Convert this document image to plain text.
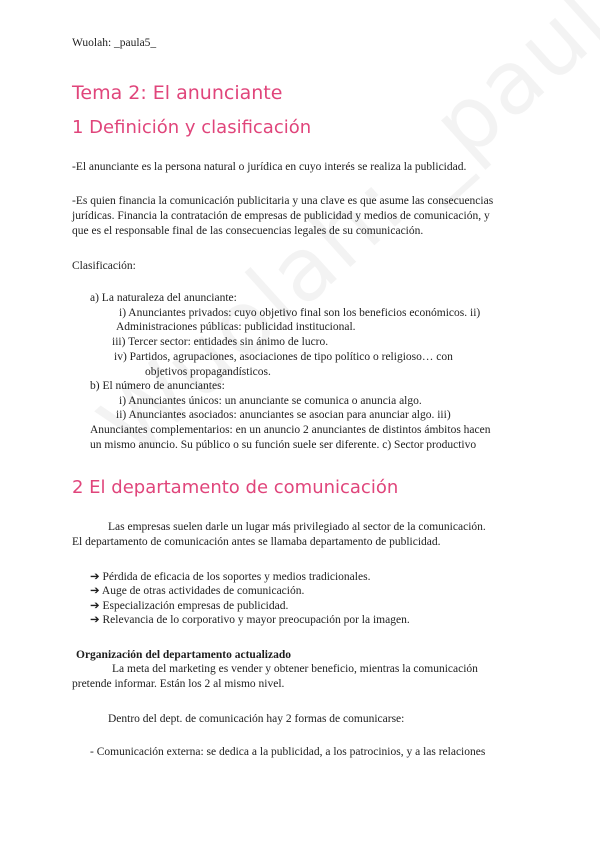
Wuolah: _paula5_
Tema 2: El anunciante
1 Definición y clasificación
-El anunciante es la persona natural o jurídica en cuyo interés se realiza la publicidad.
-Es quien financia la comunicación publicitaria y una clave es que asume las consecuencias
jurídicas. Financia la contratación de empresas de publicidad y medios de comunicación, y
que es el responsable final de las consecuencias legales de su comunicación.
Clasificación:
a) La naturaleza del anunciante:
i) Anunciantes privados: cuyo objetivo final son los beneficios económicos. ii)
Administraciones públicas: publicidad institucional.
iii) Tercer sector: entidades sin ánimo de lucro.
iv) Partidos, agrupaciones, asociaciones de tipo político o religioso… con
objetivos propagandísticos.
b) El número de anunciantes:
i) Anunciantes únicos: un anunciante se comunica o anuncia algo.
ii) Anunciantes asociados: anunciantes se asocian para anunciar algo. iii)
Anunciantes complementarios: en un anuncio 2 anunciantes de distintos ámbitos hacen
un mismo anuncio. Su público o su función suele ser diferente. c) Sector productivo
2 El departamento de comunicación
Las empresas suelen darle un lugar más privilegiado al sector de la comunicación.
El departamento de comunicación antes se llamaba departamento de publicidad.
➔ Pérdida de eficacia de los soportes y medios tradicionales.
➔ Auge de otras actividades de comunicación.
➔ Especialización empresas de publicidad.
➔ Relevancia de lo corporativo y mayor preocupación por la imagen.
Organización del departamento actualizado
La meta del marketing es vender y obtener beneficio, mientras la comunicación
pretende informar. Están los 2 al mismo nivel.
Dentro del dept. de comunicación hay 2 formas de comunicarse:
- Comunicación externa: se dedica a la publicidad, a los patrocinios, y a las relaciones
